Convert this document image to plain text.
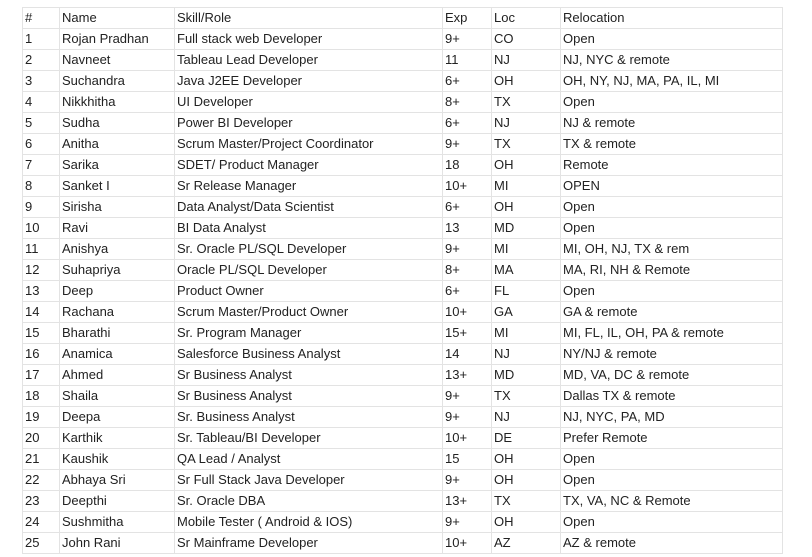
#	Name	Skill/Role	Exp	Loc	Relocation
1	Rojan Pradhan	Full stack web Developer	9+	CO	Open
2	Navneet	Tableau Lead Developer	11	NJ	NJ, NYC & remote
3	Suchandra	Java J2EE Developer	6+	OH	OH, NY, NJ, MA, PA, IL, MI
4	Nikkhitha	UI Developer	8+	TX	Open
5	Sudha	Power BI Developer	6+	NJ	NJ & remote
6	Anitha	Scrum Master/Project Coordinator	9+	TX	TX & remote
7	Sarika	SDET/ Product Manager	18	OH	Remote
8	Sanket I	Sr Release Manager	10+	MI	OPEN
9	Sirisha	Data Analyst/Data Scientist	6+	OH	Open
10	Ravi	BI Data Analyst	13	MD	Open
11	Anishya	Sr. Oracle PL/SQL Developer	9+	MI	MI, OH, NJ, TX & rem
12	Suhapriya	Oracle PL/SQL Developer	8+	MA	MA, RI, NH & Remote
13	Deep	Product Owner	6+	FL	Open
14	Rachana	Scrum Master/Product Owner	10+	GA	GA & remote
15	Bharathi	Sr. Program Manager	15+	MI	MI, FL, IL, OH, PA & remote
16	Anamica	Salesforce Business Analyst	14	NJ	NY/NJ & remote
17	Ahmed	Sr Business Analyst	13+	MD	MD, VA, DC & remote
18	Shaila	Sr Business Analyst	9+	TX	Dallas TX & remote
19	Deepa	Sr. Business Analyst	9+	NJ	NJ, NYC, PA, MD
20	Karthik	Sr. Tableau/BI Developer	10+	DE	Prefer Remote
21	Kaushik	QA Lead / Analyst	15	OH	Open
22	Abhaya Sri	Sr Full Stack Java Developer	9+	OH	Open
23	Deepthi	Sr. Oracle DBA	13+	TX	TX, VA, NC & Remote
24	Sushmitha	Mobile Tester ( Android & IOS)	9+	OH	Open
25	John Rani	Sr Mainframe Developer	10+	AZ	AZ & remote
